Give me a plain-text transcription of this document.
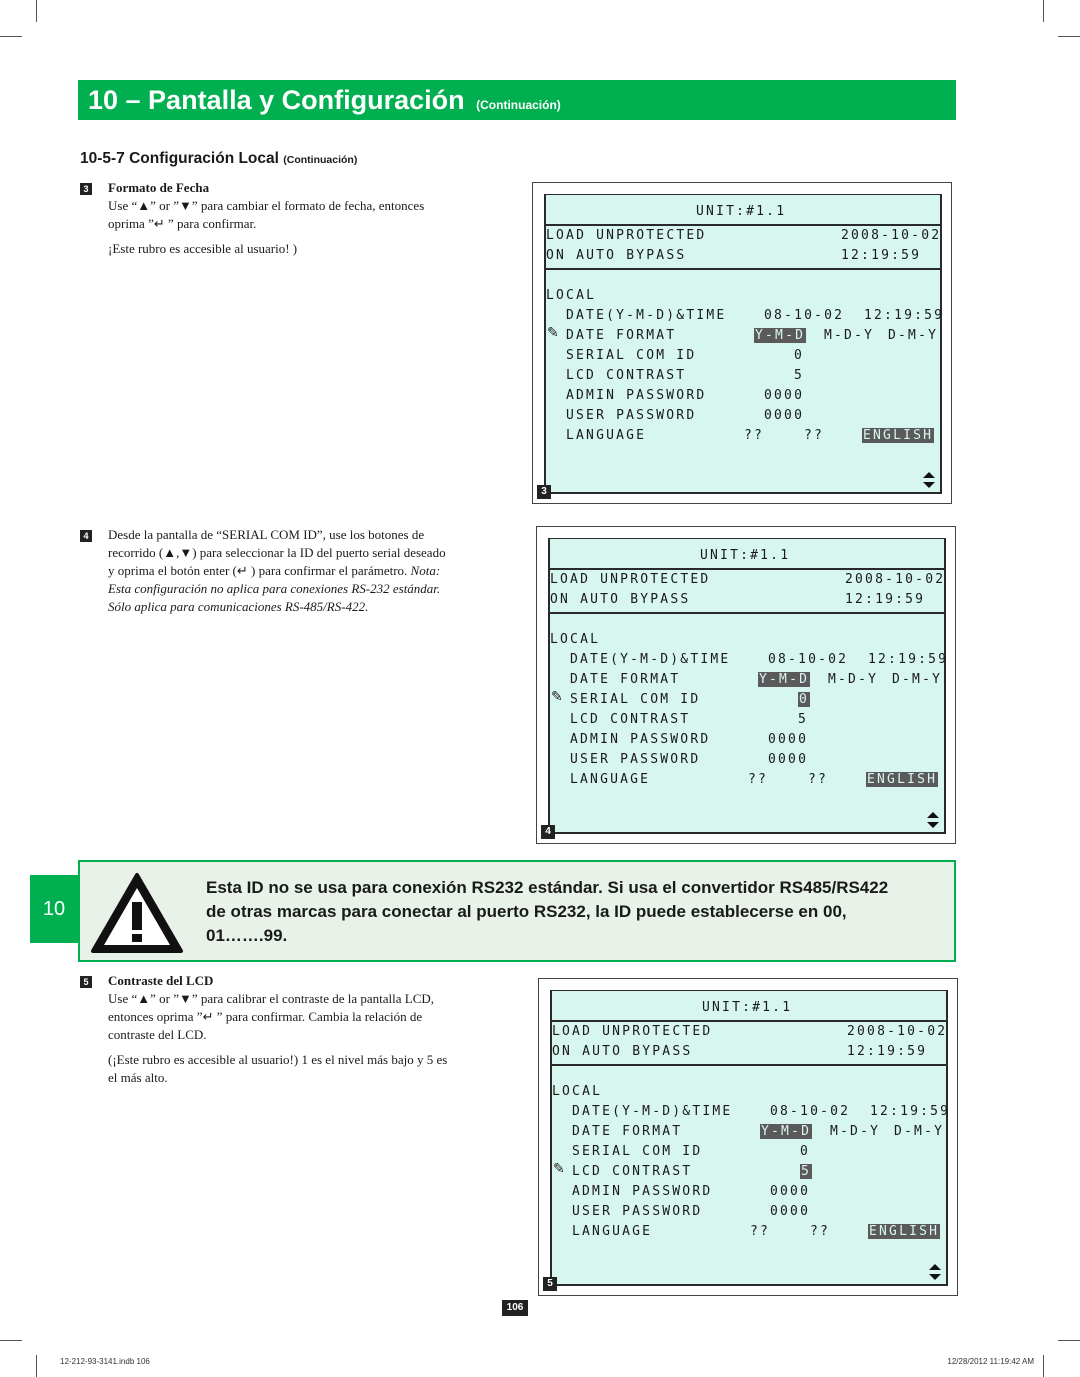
10 – Pantalla y Configuración (Continuación)
10-5-7 Configuración Local (Continuación)
3 Formato de Fecha
Use “▲” or ”▼” para cambiar el formato de fecha, entonces
oprima ”↵ ” para confirmar.
¡Este rubro es accesible al usuario! )
4 Desde la pantalla de “SERIAL COM ID”, use los botones de
recorrido (▲,▼) para seleccionar la ID del puerto serial deseado
y oprima el botón enter (↵ ) para confirmar el parámetro. Nota:
Esta configuración no aplica para conexiones RS-232 estándar.
Sólo aplica para comunicaciones RS-485/RS-422.
Esta ID no se usa para conexión RS232 estándar. Si usa el convertidor RS485/RS422
de otras marcas para conectar al puerto RS232, la ID puede establecerse en 00,
01…….99.
10
5 Contraste del LCD
Use “▲” or ”▼” para calibrar el contraste de la pantalla LCD,
entonces oprima ”↵ ” para confirmar. Cambia la relación de
contraste del LCD.
(¡Este rubro es accesible al usuario!) 1 es el nivel más bajo y 5 es
el más alto.
UNIT:#1.1
LOAD UNPROTECTED	2008-10-02
ON AUTO BYPASS	12:19:59
LOCAL
DATE(Y-M-D)&TIME	08-10-02 12:19:59
DATE FORMAT	Y-M-D M-D-Y D-M-Y
SERIAL COM ID	0
LCD CONTRAST	5
ADMIN PASSWORD	0000
USER PASSWORD	0000
LANGUAGE	??	??	ENGLISH
✎
3
UNIT:#1.1
LOAD UNPROTECTED	2008-10-02
ON AUTO BYPASS	12:19:59
LOCAL
DATE(Y-M-D)&TIME	08-10-02 12:19:59
DATE FORMAT	Y-M-D M-D-Y D-M-Y
SERIAL COM ID	0
LCD CONTRAST	5
ADMIN PASSWORD	0000
USER PASSWORD	0000
LANGUAGE	??	??	ENGLISH
✎
4
UNIT:#1.1
LOAD UNPROTECTED	2008-10-02
ON AUTO BYPASS	12:19:59
LOCAL
DATE(Y-M-D)&TIME	08-10-02 12:19:59
DATE FORMAT	Y-M-D M-D-Y D-M-Y
SERIAL COM ID	0
LCD CONTRAST	5
ADMIN PASSWORD	0000
USER PASSWORD	0000
LANGUAGE	??	??	ENGLISH
✎
5
106
12-212-93-3141.indb 106	12/28/2012 11:19:42 AM
